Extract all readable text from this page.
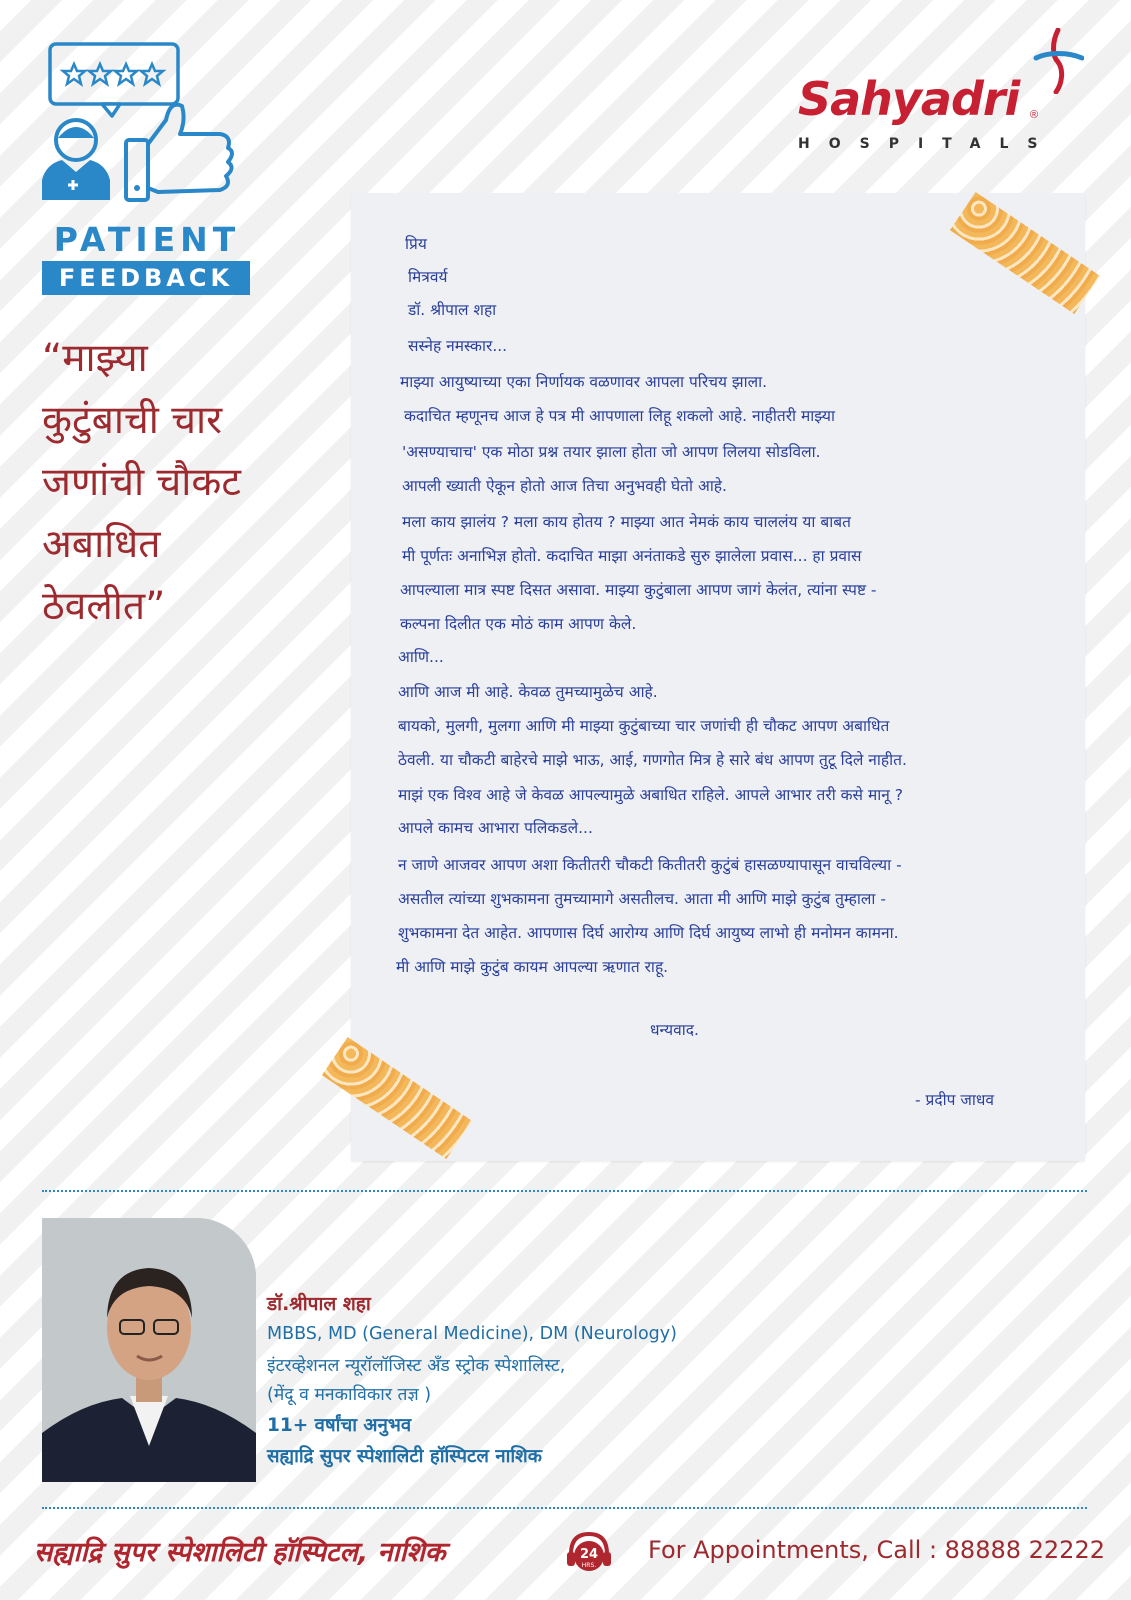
PATIENT
FEEDBACK
“माझ्या
कुटुंबाची चार
जणांची चौकट
अबाधित
ठेवलीत”
Sahyadri ®
HOSPITALS
प्रिय
मित्रवर्य
डॉ. श्रीपाल शहा
सस्नेह नमस्कार...
माझ्या आयुष्याच्या एका निर्णायक वळणावर आपला परिचय झाला.
कदाचित म्हणूनच आज हे पत्र मी आपणाला लिहू शकलो आहे. नाहीतरी माझ्या
'असण्याचाच' एक मोठा प्रश्न तयार झाला होता जो आपण लिलया सोडविला.
आपली ख्याती ऐकून होतो आज तिचा अनुभवही घेतो आहे.
मला काय झालंय ? मला काय होतय ? माझ्या आत नेमकं काय चाललंय या बाबत
मी पूर्णतः अनाभिज्ञ होतो. कदाचित माझा अनंताकडे सुरु झालेला प्रवास... हा प्रवास
आपल्याला मात्र स्पष्ट दिसत असावा. माझ्या कुटुंबाला आपण जागं केलंत, त्यांना स्पष्ट -
कल्पना दिलीत एक मोठं काम आपण केले.
आणि...
आणि आज मी आहे. केवळ तुमच्यामुळेच आहे.
बायको, मुलगी, मुलगा आणि मी माझ्या कुटुंबाच्या चार जणांची ही चौकट आपण अबाधित
ठेवली. या चौकटी बाहेरचे माझे भाऊ, आई, गणगोत मित्र हे सारे बंध आपण तुटू दिले नाहीत.
माझं एक विश्व आहे जे केवळ आपल्यामुळे अबाधित राहिले. आपले आभार तरी कसे मानू ?
आपले कामच आभारा पलिकडले...
न जाणे आजवर आपण अशा कितीतरी चौकटी कितीतरी कुटुंबं हासळण्यापासून वाचविल्या -
असतील त्यांच्या शुभकामना तुमच्यामागे असतीलच. आता मी आणि माझे कुटुंब तुम्हाला -
शुभकामना देत आहेत. आपणास दिर्घ आरोग्य आणि दिर्घ आयुष्य लाभो ही मनोमन कामना.
मी आणि माझे कुटुंब कायम आपल्या ऋणात राहू.
धन्यवाद.
- प्रदीप जाधव
डॉ.श्रीपाल शहा
MBBS, MD (General Medicine), DM (Neurology)
इंटरव्हेशनल न्यूरॉलॉजिस्ट अँड स्ट्रोक स्पेशालिस्ट,
(मेंदू व मनकाविकार तज्ञ )
11+ वर्षांचा अनुभव
सह्याद्रि सुपर स्पेशालिटी हॉस्पिटल नाशिक
सह्याद्रि सुपर स्पेशालिटी हॉस्पिटल, नाशिक	24
HRS.
For Appointments, Call : 88888 22222
